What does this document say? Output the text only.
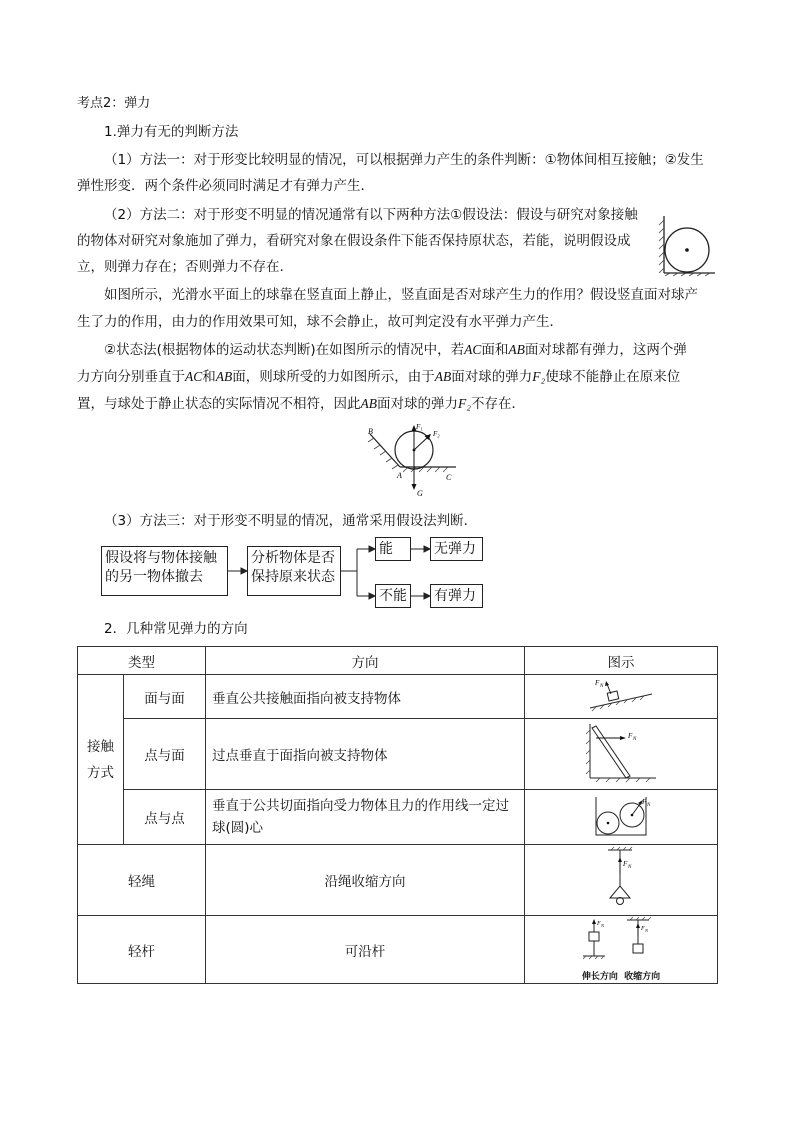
考点2：弹力
1.弹力有无的判断方法
（1）方法一：对于形变比较明显的情况，可以根据弹力产生的条件判断：①物体间相互接触；②发生
弹性形变．两个条件必须同时满足才有弹力产生．
（2）方法二：对于形变不明显的情况通常有以下两种方法①假设法：假设与研究对象接触
的物体对研究对象施加了弹力，看研究对象在假设条件下能否保持原状态，若能，说明假设成
立，则弹力存在；否则弹力不存在.
如图所示，光滑水平面上的球靠在竖直面上静止，竖直面是否对球产生力的作用？假设竖直面对球产
生了力的作用，由力的作用效果可知，球不会静止，故可判定没有水平弹力产生．
②状态法(根据物体的运动状态判断)在如图所示的情况中，若AC面和AB面对球都有弹力，这两个弹
力方向分别垂直于AC和AB面，则球所受的力如图所示，由于AB面对球的弹力F₂使球不能静止在原来位
置，与球处于静止状态的实际情况不相符，因此AB面对球的弹力F₂不存在．
B
A	C
G
F₁
F₂
（3）方法三：对于形变不明显的情况，通常采用假设法判断．
假设将与物体接触
的另一物体撤去
分析物体是否
保持原来状态
能	无弹力
不能 有弹力
2．几种常见弹力的方向
类型		方向	图示
接触
方式	面与面	垂直公共接触面指向被支持物体	F N

	点与面	过点垂直于面指向被支持物体	F N

	点与点	垂直于公共切面指向受力物体且力的作用线一定过球(圆)心	F N

轻绳		沿绳收缩方向	F N

轻杆		可沿杆	F N
F N
伸长方向 收缩方向
